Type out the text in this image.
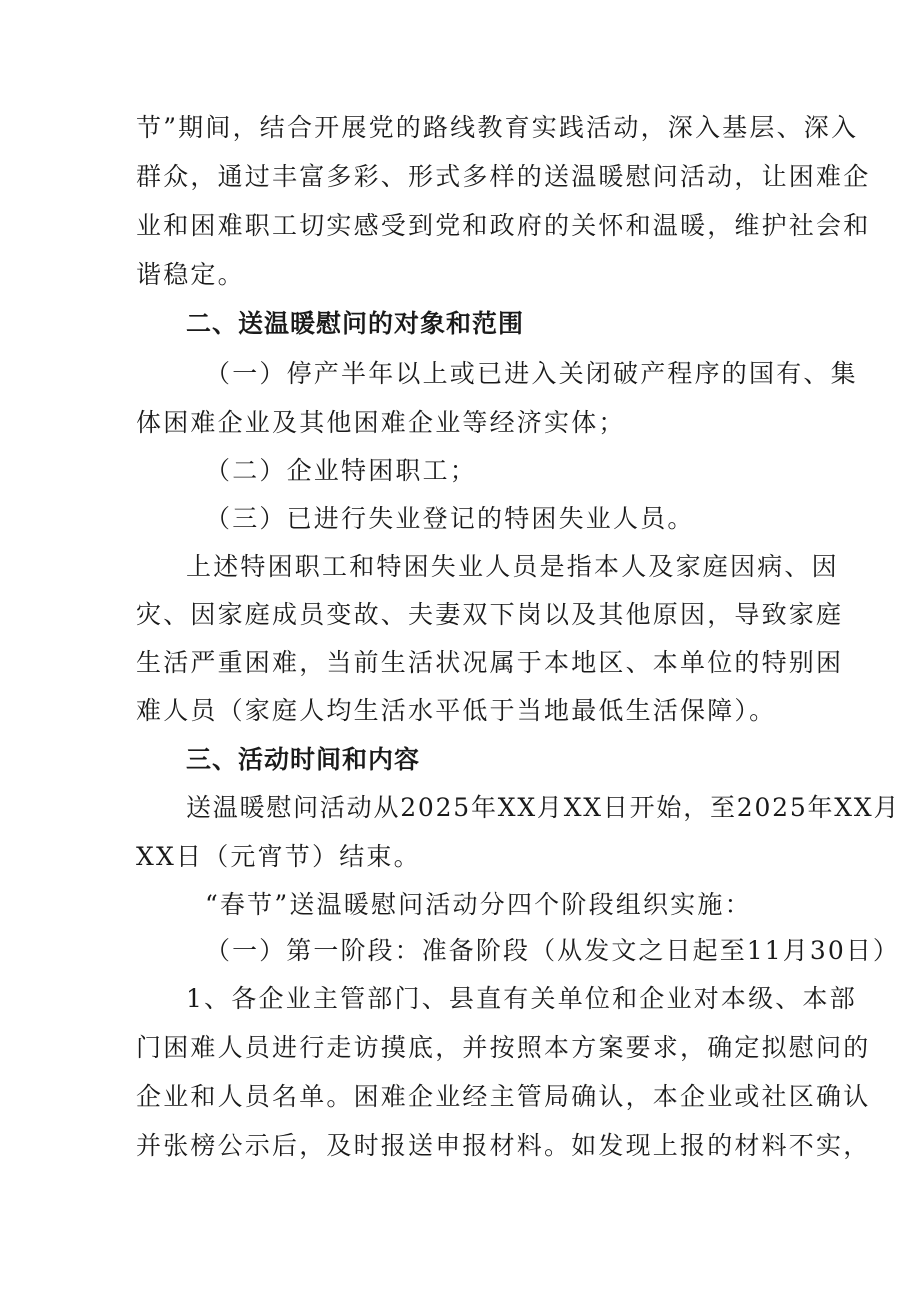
节”期间，结合开展党的路线教育实践活动，深入基层、深入
群众，通过丰富多彩、形式多样的送温暖慰问活动，让困难企
业和困难职工切实感受到党和政府的关怀和温暖，维护社会和
谐稳定。
二、送温暖慰问的对象和范围
（一）停产半年以上或已进入关闭破产程序的国有、集
体困难企业及其他困难企业等经济实体；
（二）企业特困职工；
（三）已进行失业登记的特困失业人员。
上述特困职工和特困失业人员是指本人及家庭因病、因
灾、因家庭成员变故、夫妻双下岗以及其他原因，导致家庭
生活严重困难，当前生活状况属于本地区、本单位的特别困
难人员（家庭人均生活水平低于当地最低生活保障）。
三、活动时间和内容
送温暖慰问活动从2025年XX月XX日开始，至2025年XX月
XX日（元宵节）结束。
“春节”送温暖慰问活动分四个阶段组织实施：
（一）第一阶段：准备阶段（从发文之日起至11月30日）
1、各企业主管部门、县直有关单位和企业对本级、本部
门困难人员进行走访摸底，并按照本方案要求，确定拟慰问的
企业和人员名单。困难企业经主管局确认，本企业或社区确认
并张榜公示后，及时报送申报材料。如发现上报的材料不实，
